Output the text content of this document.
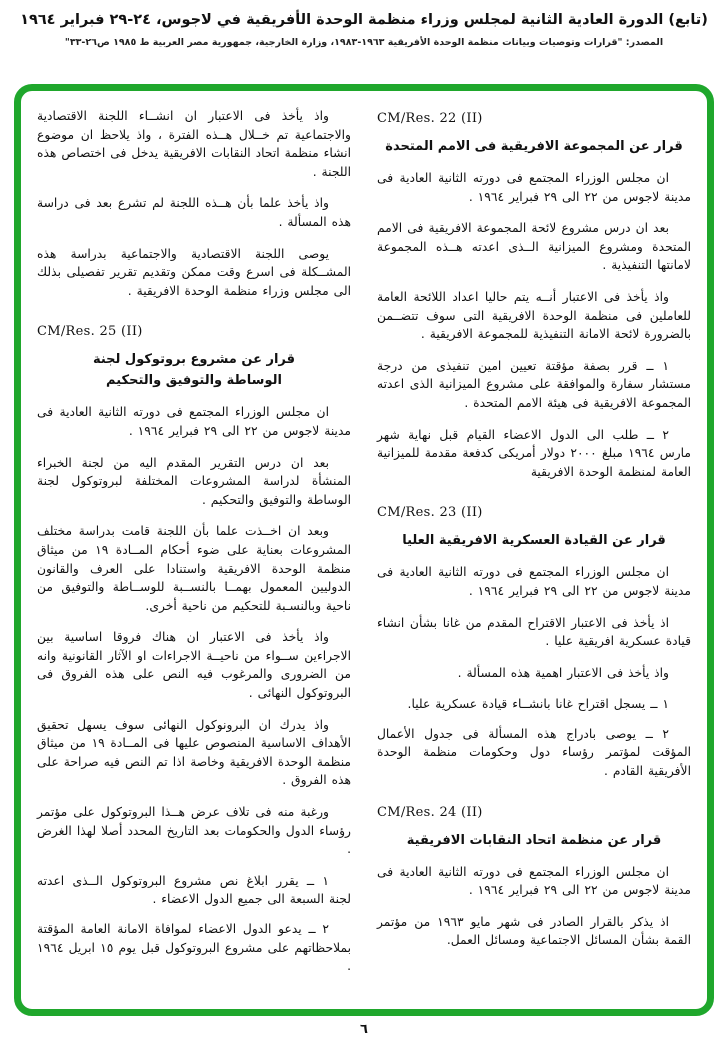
(تابع) الدورة العادية الثانية لمجلس وزراء منظمة الوحدة الأفريقية في لاجوس، ٢٤-٢٩ فبراير ١٩٦٤
المصدر: "قرارات وتوصيات وبيانات منظمة الوحدة الأفريقية ١٩٦٣-١٩٨٣، وزارة الخارجية، جمهورية مصر العربية ط ١٩٨٥ ص٢٦-٣٣"
CM/Res. 22 (II)
قرار عن المجموعة الافريقية فى الامم المتحدة
ان مجلس الوزراء المجتمع فى دورته الثانية العادية فى مدينة لاجوس من ٢٢ الى ٢٩ فبراير ١٩٦٤ .
بعد ان درس مشروع لائحة المجموعة الافريقية فى الامم المتحدة ومشروع الميزانية الــذى اعدته هــذه المجموعة لامانتها التنفيذية .
واذ يأخذ فى الاعتبار أنــه يتم حاليا اعداد اللائحة العامة للعاملين فى منظمة الوحدة الافريقية التى سوف تتضــمن بالضرورة لائحة الامانة التنفيذية للمجموعة الافريقية .
١ ــ قرر بصفة مؤقتة تعيين امين تنفيذى من درجة مستشار سفارة والموافقة على مشروع الميزانية الذى اعدته المجموعة الافريقية فى هيئة الامم المتحدة .
٢ ــ طلب الى الدول الاعضاء القيام قبل نهاية شهر مارس ١٩٦٤ مبلغ ٢٠٠٠ دولار أمريكى كدفعة مقدمة للميزانية العامة لمنظمة الوحدة الافريقية
CM/Res. 23 (II)
قرار عن القيادة العسكرية الافريقية العليا
ان مجلس الوزراء المجتمع فى دورته الثانية العادية فى مدينة لاجوس من ٢٢ الى ٢٩ فبراير ١٩٦٤ .
اذ يأخذ فى الاعتبار الاقتراح المقدم من غانا بشأن انشاء قيادة عسكرية افريقية عليا .
واذ يأخذ فى الاعتبار اهمية هذه المسألة .
١ ــ يسجل اقتراح غانا بانشــاء قيادة عسكرية عليا.
٢ ــ يوصى بادراج هذه المسألة فى جدول الأعمال المؤقت لمؤتمر رؤساء دول وحكومات منظمة الوحدة الأفريقية القادم .
CM/Res. 24 (II)
قرار عن منظمة اتحاد النقابات الافريقية
ان مجلس الوزراء المجتمع فى دورته الثانية العادية فى مدينة لاجوس من ٢٢ الى ٢٩ فبراير ١٩٦٤ .
اذ يذكر بالقرار الصادر فى شهر مايو ١٩٦٣ من مؤتمر القمة بشأن المسائل الاجتماعية ومسائل العمل.
واذ يأخذ فى الاعتبار ان انشــاء اللجنة الاقتصادية والاجتماعية تم خــلال هــذه الفترة ، واذ يلاحظ ان موضوع انشاء منظمة اتحاد النقابات الافريقية يدخل فى اختصاص هذه اللجنة .
واذ يأخذ علما بأن هــذه اللجنة لم تشرع بعد فى دراسة هذه المسألة .
يوصى اللجنة الاقتصادية والاجتماعية بدراسة هذه المشــكلة فى اسرع وقت ممكن وتقديم تقرير تفصيلى بذلك الى مجلس وزراء منظمة الوحدة الافريقية .
CM/Res. 25 (II)
قرار عن مشروع بروتوكول لجنة
الوساطة والتوفيق والتحكيم
ان مجلس الوزراء المجتمع فى دورته الثانية العادية فى مدينة لاجوس من ٢٢ الى ٢٩ فبراير ١٩٦٤ .
بعد ان درس التقرير المقدم اليه من لجنة الخبراء المنشأة لدراسة المشروعات المختلفة لبروتوكول لجنة الوساطة والتوفيق والتحكيم .
وبعد ان اخــذت علما بأن اللجنة قامت بدراسة مختلف المشروعات بعناية على ضوء أحكام المــادة ١٩ من ميثاق منظمة الوحدة الافريقية واستنادا على العرف والقانون الدوليين المعمول بهمــا بالنســبة للوســاطة والتوفيق من ناحية وبالنسـبة للتحكيم من ناحية أخرى.
واذ يأخذ فى الاعتبار ان هناك فروقا اساسية بين الاجراءين ســواء من ناحيــة الاجراءات او الآثار القانونية وانه من الضرورى والمرغوب فيه النص على هذه الفروق فى البروتوكول النهائى .
واذ يدرك ان البرونوكول النهائى سوف يسهل تحقيق الأهداف الاساسية المنصوص عليها فى المــادة ١٩ من ميثاق منظمة الوحدة الافريقية وخاصة اذا تم النص فيه صراحة على هذه الفروق .
ورغبة منه فى تلاف عرض هــذا البروتوكول على مؤتمر رؤساء الدول والحكومات بعد التاريخ المحدد أصلا لهذا الغرض .
١ ــ يقرر ابلاغ نص مشروع البروتوكول الــذى اعدته لجنة السبعة الى جميع الدول الاعضاء .
٢ ــ يدعو الدول الاعضاء لموافاة الامانة العامة المؤقتة بملاحظاتهم على مشروع البروتوكول قبل يوم ١٥ ابريل ١٩٦٤ .
٦
